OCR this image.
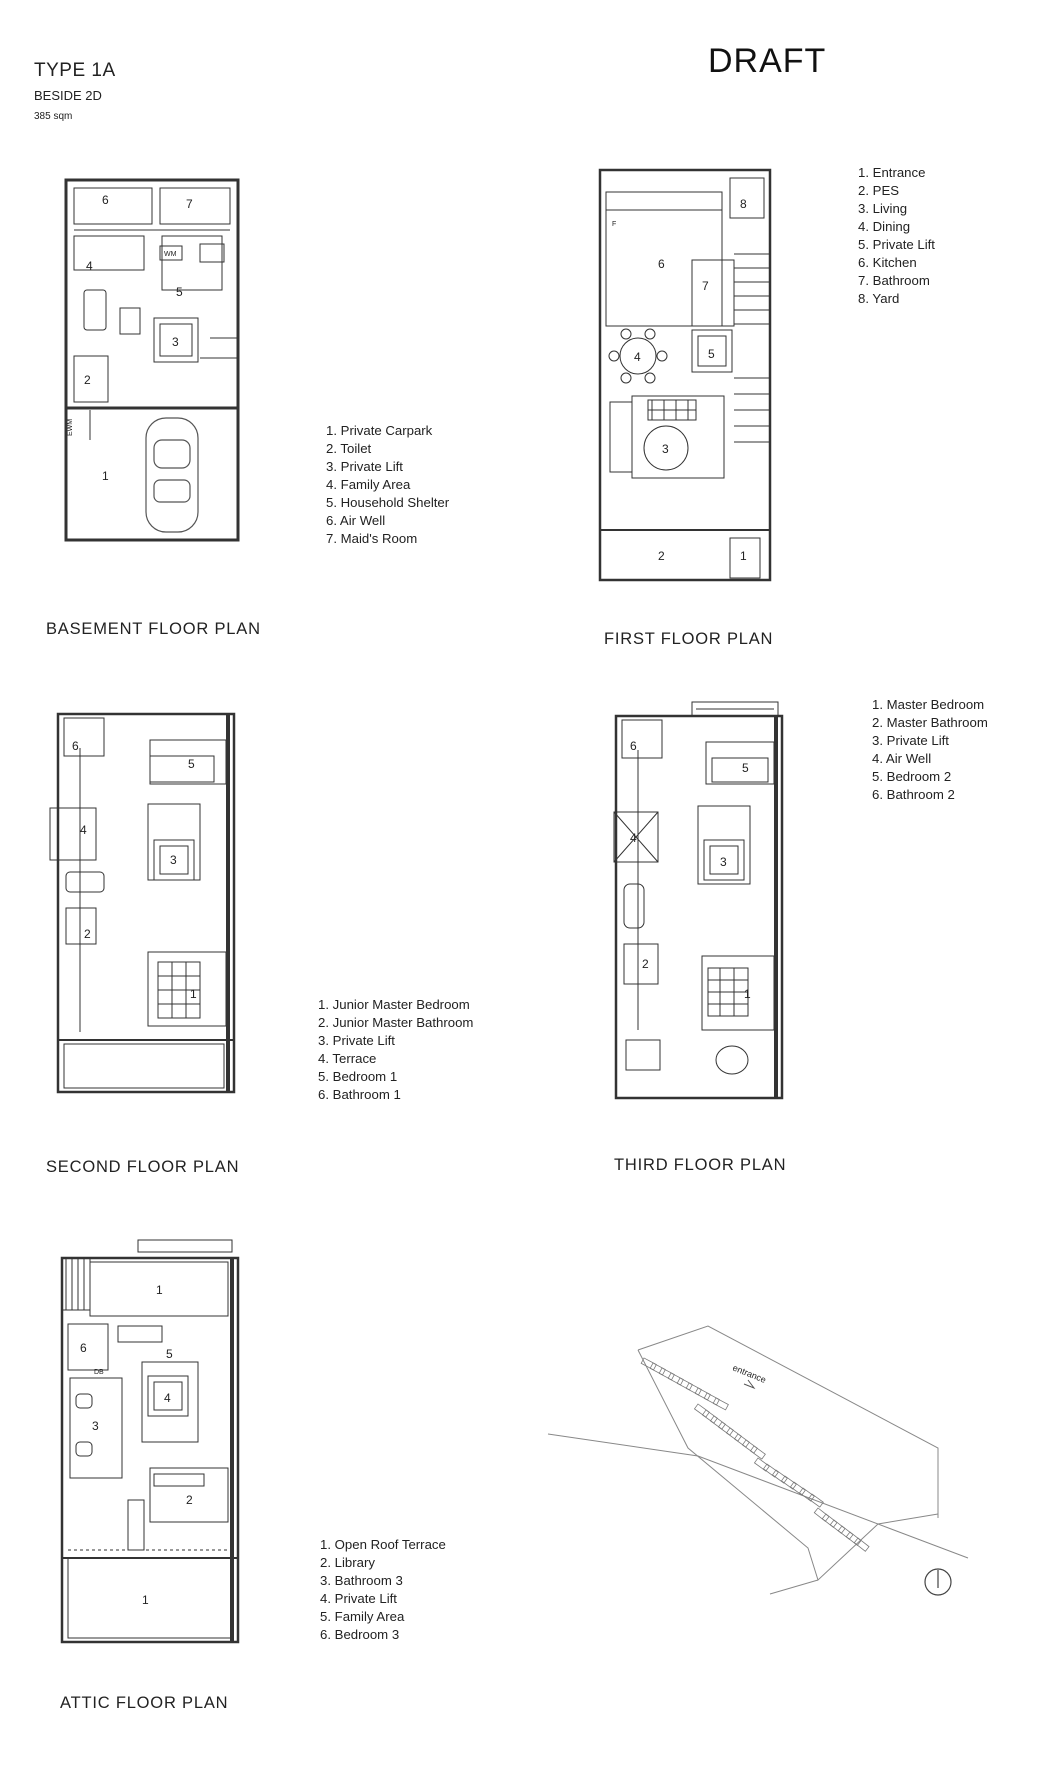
TYPE 1A
BESIDE 2D
385 sqm
DRAFT
6	7
4
5
3
2
1
EWM
WM
1. Private Carpark
2. Toilet
3. Private Lift
4. Family Area
5. Household Shelter
6. Air Well
7. Maid's Room
BASEMENT FLOOR PLAN
6
8
7
5
4
3
2	1
F
1. Entrance
2. PES
3. Living
4. Dining
5. Private Lift
6. Kitchen
7. Bathroom
8. Yard
FIRST FLOOR PLAN
6
5
4
3
2
1
1. Junior Master Bedroom
2. Junior Master Bathroom
3. Private Lift
4. Terrace
5. Bedroom 1
6. Bathroom 1
SECOND FLOOR PLAN
6
5
4
3
2
1
1. Master Bedroom
2. Master Bathroom
3. Private Lift
4. Air Well
5. Bedroom 2
6. Bathroom 2
THIRD FLOOR PLAN
1
6	5
4
3
2
1
DB
1. Open Roof Terrace
2. Library
3. Bathroom 3
4. Private Lift
5. Family Area
6. Bedroom 3
ATTIC FLOOR PLAN
entrance
